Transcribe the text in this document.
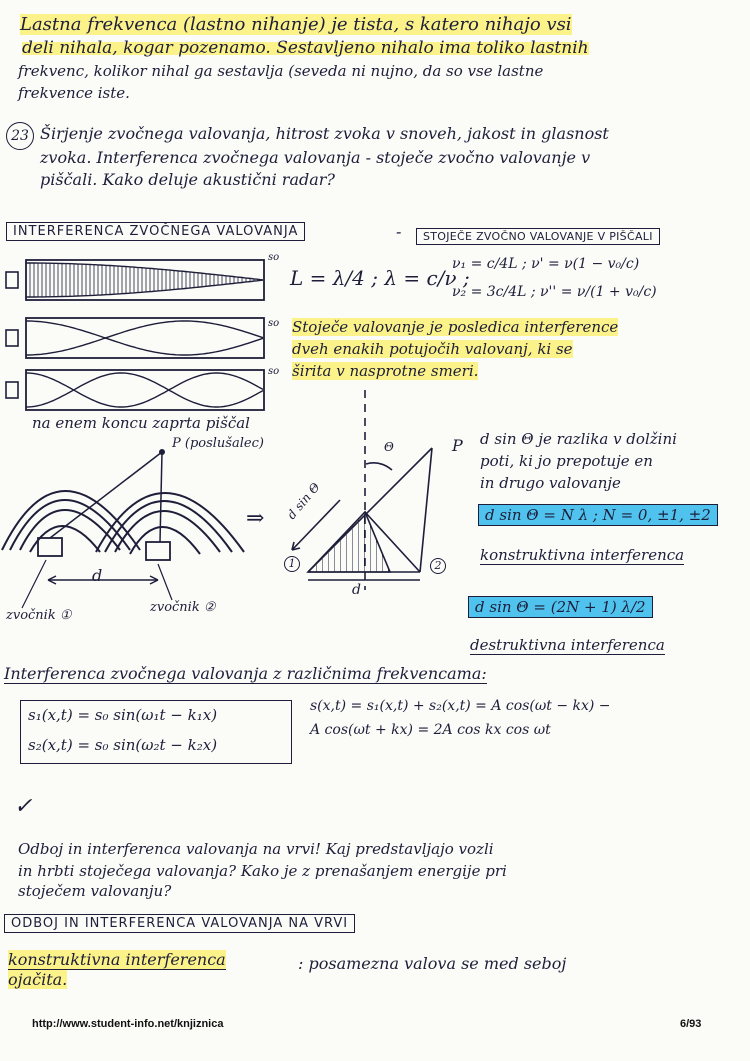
Lastna frekvenca (lastno nihanje) je tista, s katero nihajo vsi
deli nihala, kogar pozenamo. Sestavljeno nihalo ima toliko lastnih
frekvenc, kolikor nihal ga sestavlja (seveda ni nujno, da so vse lastne
frekvence iste.
23 Širjenje zvočnega valovanja, hitrost zvoka v snoveh, jakost in glasnost
zvoka. Interferenca zvočnega valovanja - stoječe zvočno valovanje v
piščali. Kako deluje akustični radar?
INTERFERENCA ZVOČNEGA VALOVANJA	-	STOJEČE ZVOČNO VALOVANJE V PIŠČALI
so
so
so
na enem koncu zaprta piščal
L = λ/4 ; λ = c/ν ;
ν₁ = c/4L ; ν' = ν(1 − v₀/c)
ν₂ = 3c/4L ; ν'' = ν/(1 + v₀/c)
Stoječe valovanje je posledica interference
dveh enakih potujočih valovanj, ki se
širita v nasprotne smeri.
P (poslušalec)
d
zvočnik ①
zvočnik ②
⇒ d sin Θ
P
Θ
1	2
d
d sin Θ je razlika v dolžini
poti, ki jo prepotuje en
in drugo valovanje
d sin Θ = N λ ; N = 0, ±1, ±2
konstruktivna interferenca
d sin Θ = (2N + 1) λ/2
destruktivna interferenca
Interferenca zvočnega valovanja z različnima frekvencama:
s₁(x,t) = s₀ sin(ω₁t − k₁x)
s₂(x,t) = s₀ sin(ω₂t − k₂x)
s(x,t) = s₁(x,t) + s₂(x,t) = A cos(ωt − kx) −
A cos(ωt + kx) = 2A cos kx cos ωt
✓
Odboj in interferenca valovanja na vrvi! Kaj predstavljajo vozli
in hrbti stoječega valovanja? Kako je z prenašanjem energije pri
stoječem valovanju?
ODBOJ IN INTERFERENCA VALOVANJA NA VRVI
konstruktivna interferenca	: posamezna valova se med seboj
ojačita.
http://www.student-info.net/knjiznica	6/93
